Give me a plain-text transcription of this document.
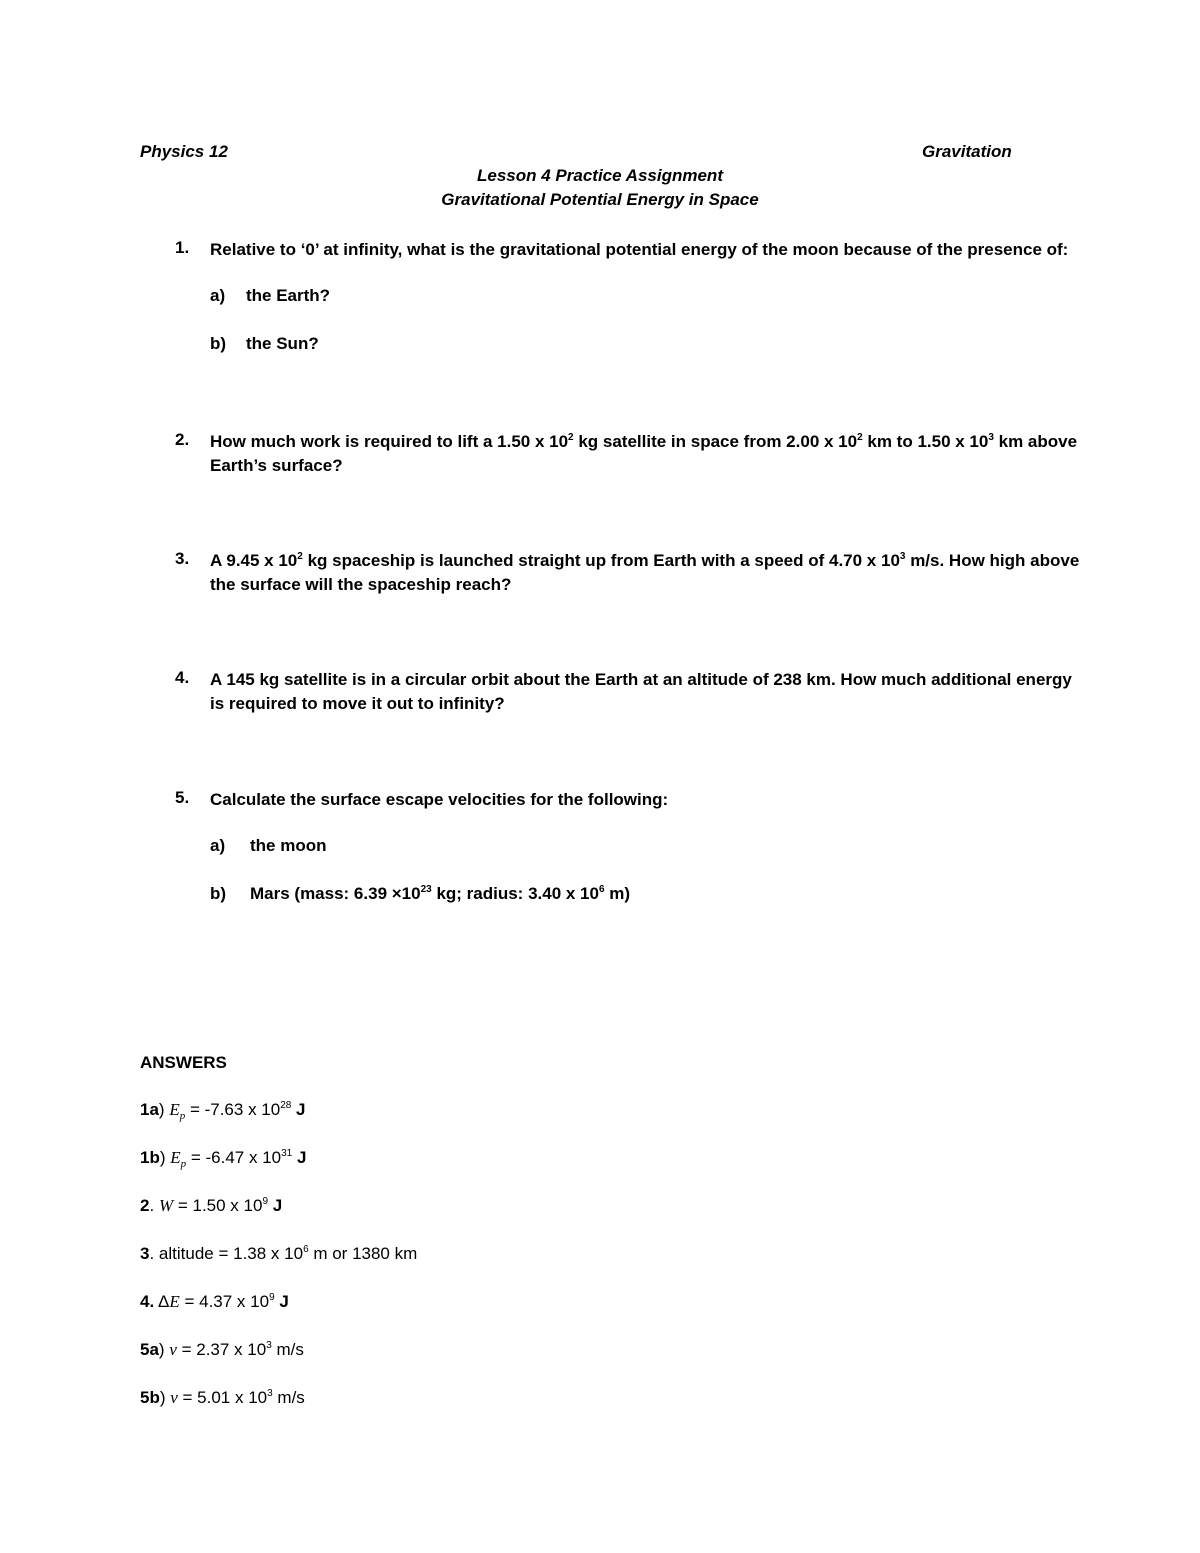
Physics 12	Gravitation
Lesson 4 Practice Assignment
Gravitational Potential Energy in Space
1.	Relative to ‘0’ at infinity, what is the gravitational potential energy of the moon because of the presence of:
a) the Earth?
b) the Sun?
2.	How much work is required to lift a 1.50 x $10^2$ kg satellite in space from 2.00 x $10^2$ km to 1.50 x $10^3$ km above
Earth’s surface?
3.	A 9.45 x $10^2$ kg spaceship is launched straight up from Earth with a speed of 4.70 x $10^3$ m/s. How high above
the surface will the spaceship reach?
4.	A 145 kg satellite is in a circular orbit about the Earth at an altitude of 238 km. How much additional energy
is required to move it out to infinity?
5.	Calculate the surface escape velocities for the following:
a) the moon
b) Mars (mass: $6.39 \times 10^{23}$ kg; radius: 3.40 x $10^6$ m)
ANSWERS
1a) $E_p = -7.63$ x $10^{28}$ J
1b) $E_p = -6.47$ x $10^{31}$ J
2. W = 1.50 x $10^9$ J
3. altitude = 1.38 x $10^6$ m or 1380 km
4. ΔE = 4.37 x $10^9$ J
5a) v = 2.37 x $10^3$ m/s
5b) v = 5.01 x $10^3$ m/s
